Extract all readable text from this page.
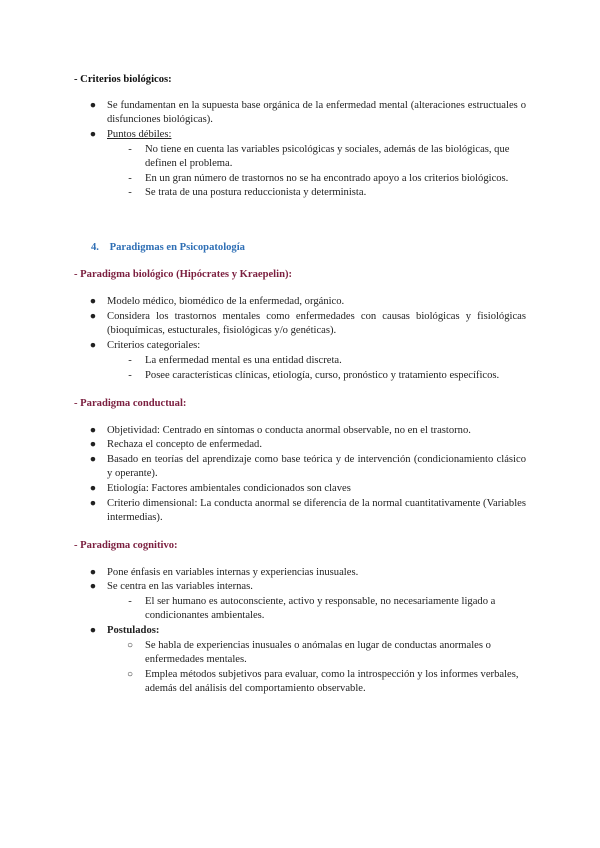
- Criterios biológicos:
●	Se fundamentan en la supuesta base orgánica de la enfermedad mental (alteraciones estructuales o disfunciones biológicas).
●	Puntos débiles:
-	No tiene en cuenta las variables psicológicas y sociales, además de las biológicas, que definen el problema.
-	En un gran número de trastornos no se ha encontrado apoyo a los criterios biológicos.
-	Se trata de una postura reduccionista y determinista.
4. Paradigmas en Psicopatología
- Paradigma biológico (Hipócrates y Kraepelin):
●	Modelo médico, biomédico de la enfermedad, orgánico.
●	Considera los trastornos mentales como enfermedades con causas biológicas y fisiológicas (bioquímicas, estucturales, fisiológicas y/o genéticas).
●	Criterios categoriales:
-	La enfermedad mental es una entidad discreta.
-	Posee características clínicas, etiología, curso, pronóstico y tratamiento específicos.
- Paradigma conductual:
●	Objetividad: Centrado en síntomas o conducta anormal observable, no en el trastorno.
●	Rechaza el concepto de enfermedad.
●	Basado en teorías del aprendizaje como base teórica y de intervención (condicionamiento clásico y operante).
●	Etiología: Factores ambientales condicionados son claves
●	Criterio dimensional: La conducta anormal se diferencia de la normal cuantitativamente (Variables intermedias).
- Paradigma cognitivo:
●	Pone énfasis en variables internas y experiencias inusuales.
●	Se centra en las variables internas.
-	El ser humano es autoconsciente, activo y responsable, no necesariamente ligado a condicionantes ambientales.
●	Postulados:
○ Se habla de experiencias inusuales o anómalas en lugar de conductas anormales o enfermedades mentales.
○ Emplea métodos subjetivos para evaluar, como la introspección y los informes verbales, además del análisis del comportamiento observable.
